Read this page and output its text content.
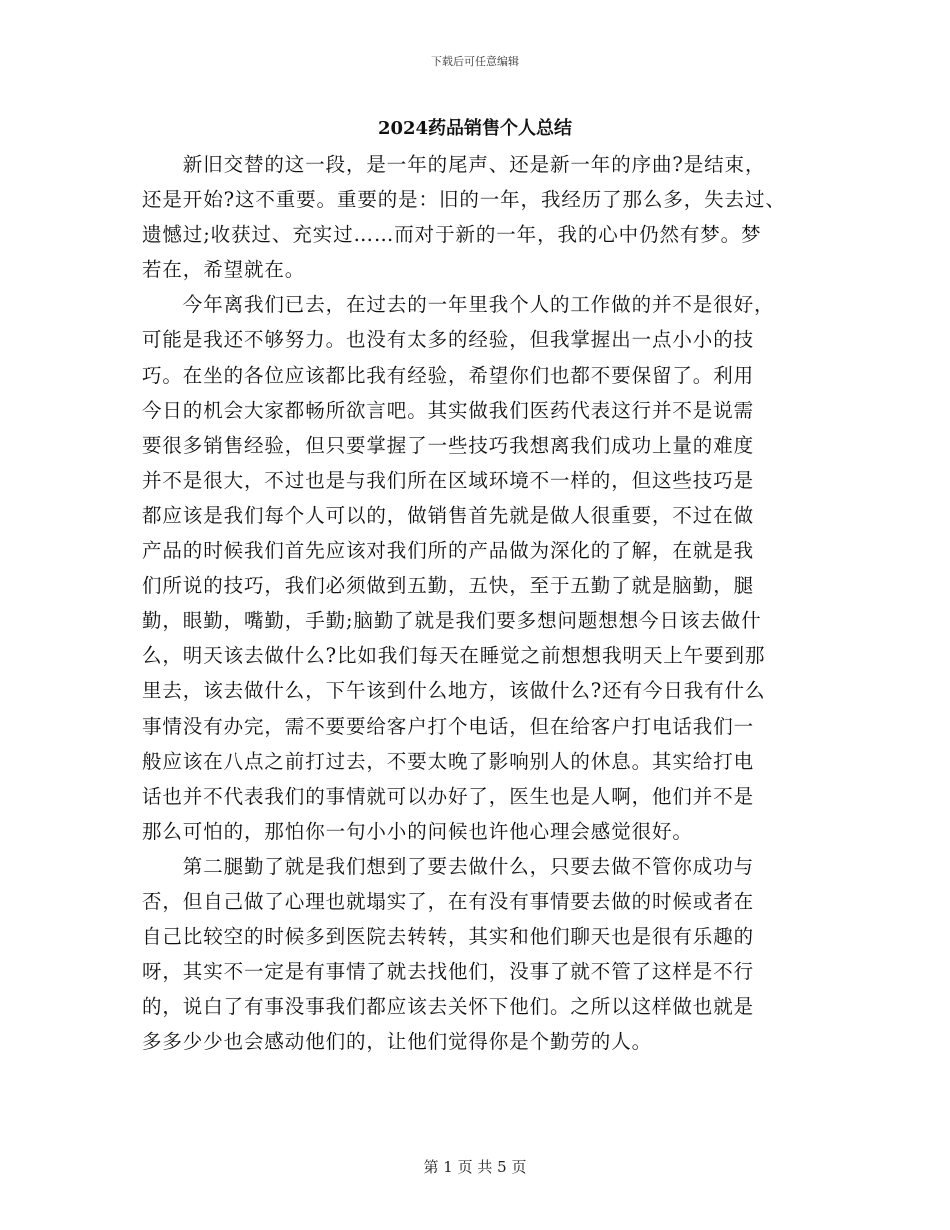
下载后可任意编辑
2024药品销售个人总结
　　新旧交替的这一段，是一年的尾声、还是新一年的序曲?是结束，
还是开始?这不重要。重要的是：旧的一年，我经历了那么多，失去过、
遗憾过;收获过、充实过……而对于新的一年，我的心中仍然有梦。梦
若在，希望就在。
　　今年离我们已去，在过去的一年里我个人的工作做的并不是很好，
可能是我还不够努力。也没有太多的经验，但我掌握出一点小小的技
巧。在坐的各位应该都比我有经验，希望你们也都不要保留了。利用
今日的机会大家都畅所欲言吧。其实做我们医药代表这行并不是说需
要很多销售经验，但只要掌握了一些技巧我想离我们成功上量的难度
并不是很大，不过也是与我们所在区域环境不一样的，但这些技巧是
都应该是我们每个人可以的，做销售首先就是做人很重要，不过在做
产品的时候我们首先应该对我们所的产品做为深化的了解，在就是我
们所说的技巧，我们必须做到五勤，五快，至于五勤了就是脑勤，腿
勤，眼勤，嘴勤，手勤;脑勤了就是我们要多想问题想想今日该去做什
么，明天该去做什么?比如我们每天在睡觉之前想想我明天上午要到那
里去，该去做什么，下午该到什么地方，该做什么?还有今日我有什么
事情没有办完，需不要要给客户打个电话，但在给客户打电话我们一
般应该在八点之前打过去，不要太晚了影响别人的休息。其实给打电
话也并不代表我们的事情就可以办好了，医生也是人啊，他们并不是
那么可怕的，那怕你一句小小的问候也许他心理会感觉很好。
　　第二腿勤了就是我们想到了要去做什么，只要去做不管你成功与
否，但自己做了心理也就塌实了，在有没有事情要去做的时候或者在
自己比较空的时候多到医院去转转，其实和他们聊天也是很有乐趣的
呀，其实不一定是有事情了就去找他们，没事了就不管了这样是不行
的，说白了有事没事我们都应该去关怀下他们。之所以这样做也就是
多多少少也会感动他们的，让他们觉得你是个勤劳的人。
第 1 页 共 5 页
